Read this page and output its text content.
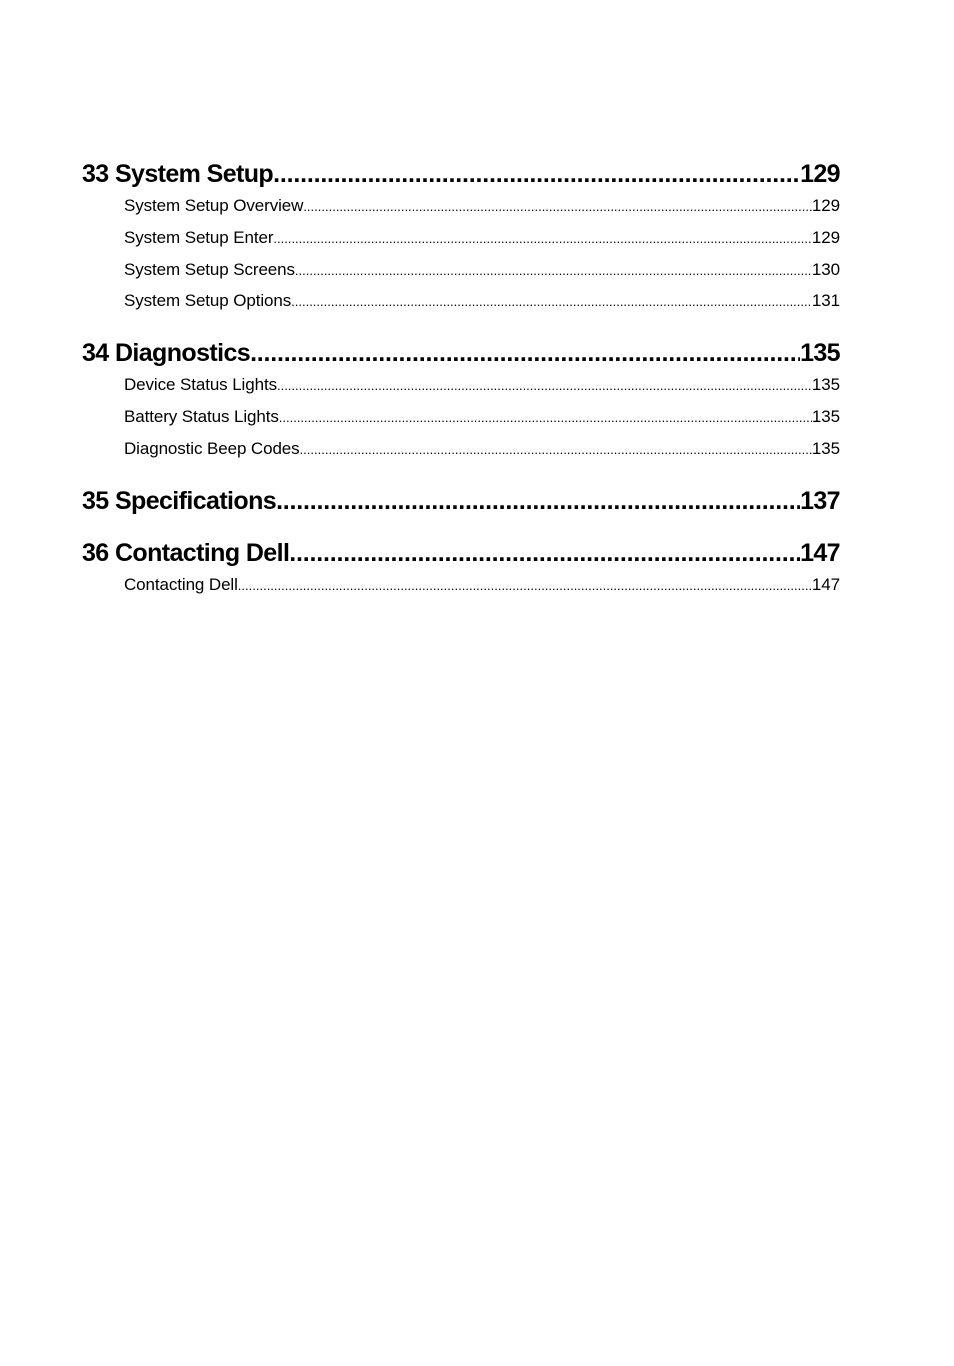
33 System Setup .....	129
System Setup Overview .....	129
System Setup Enter .....	129
System Setup Screens .....	130
System Setup Options .....	131
34 Diagnostics .....	135
Device Status Lights .....	135
Battery Status Lights .....	135
Diagnostic Beep Codes .....	135
35 Specifications .....	137
36 Contacting Dell .....	147
Contacting Dell .....	147
